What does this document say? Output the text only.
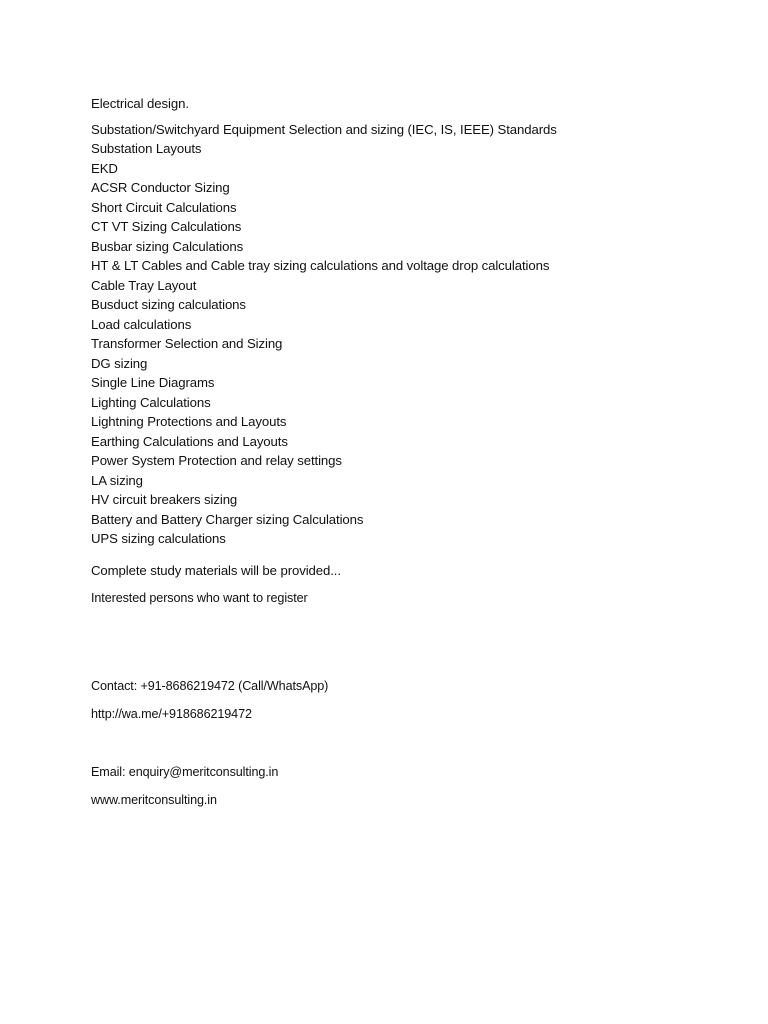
Electrical design.
Substation/Switchyard Equipment Selection and sizing (IEC, IS, IEEE) Standards
Substation Layouts
EKD
ACSR Conductor Sizing
Short Circuit Calculations
CT VT Sizing Calculations
Busbar sizing Calculations
HT & LT Cables and Cable tray sizing calculations and voltage drop calculations
Cable Tray Layout
Busduct sizing calculations
Load calculations
Transformer Selection and Sizing
DG sizing
Single Line Diagrams
Lighting Calculations
Lightning Protections and Layouts
Earthing Calculations and Layouts
Power System Protection and relay settings
LA sizing
HV circuit breakers sizing
Battery and Battery Charger sizing Calculations
UPS sizing calculations
Complete study materials will be provided...
Interested persons who want to register
Contact: +91-8686219472 (Call/WhatsApp)
http://wa.me/+918686219472
Email: enquiry@meritconsulting.in
www.meritconsulting.in
